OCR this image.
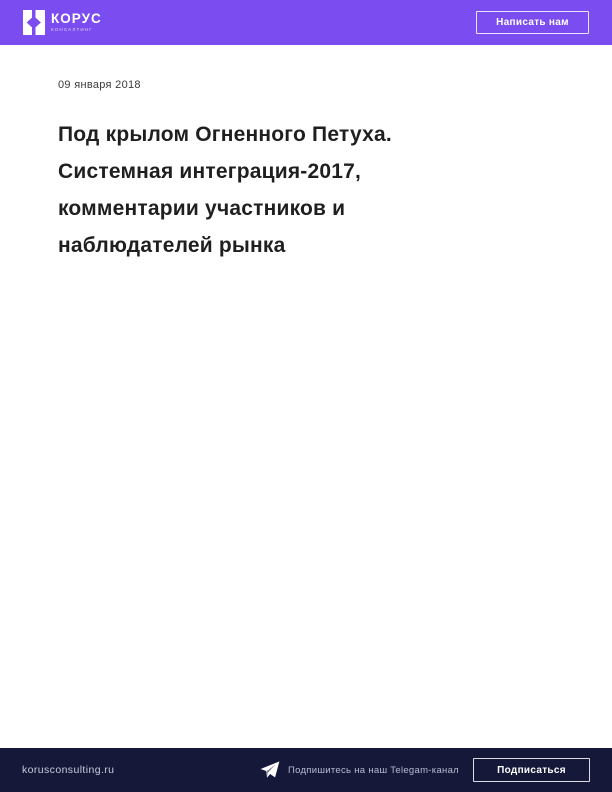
КОРУС
КОНСАЛТИНГ
Написать нам
09 января 2018
Под крылом Огненного Петуха. Системная интеграция-2017, комментарии участников и наблюдателей рынка
korusconsulting.ru	Подпишитесь на наш Telegam-канал	Подписаться
